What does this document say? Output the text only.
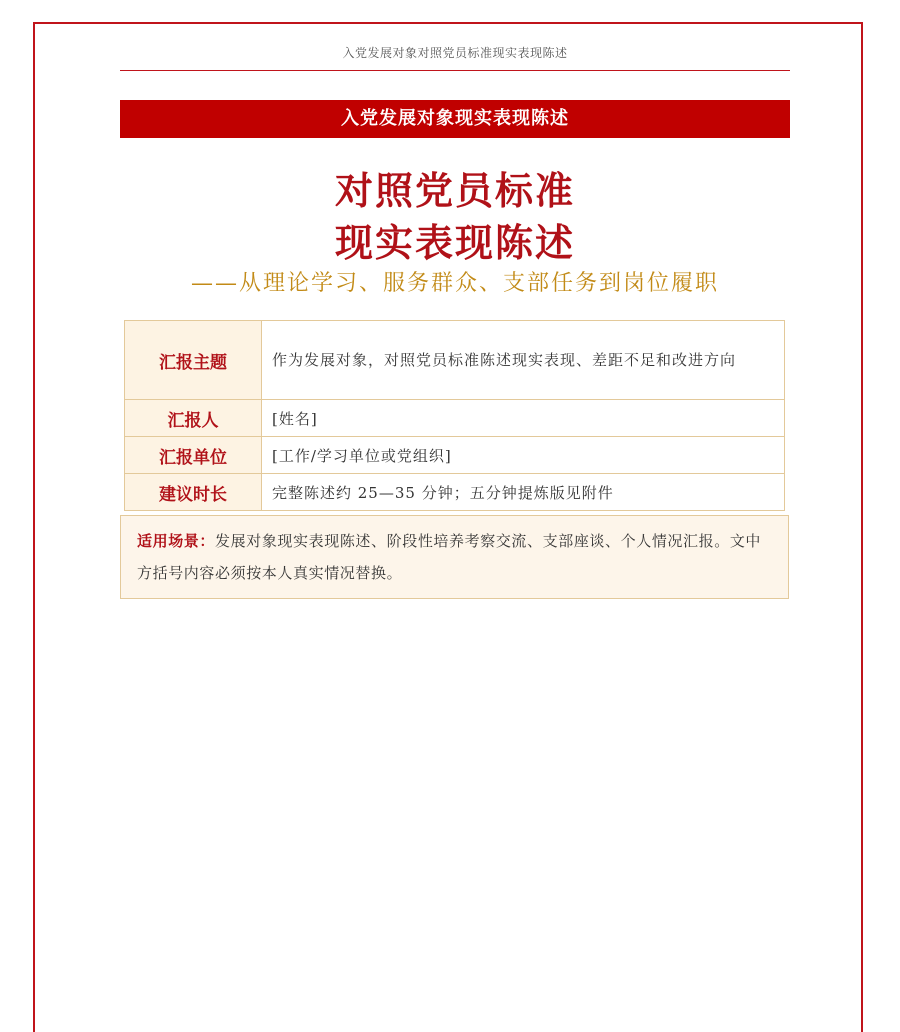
入党发展对象对照党员标准现实表现陈述
入党发展对象现实表现陈述
对照党员标准
现实表现陈述
——从理论学习、服务群众、支部任务到岗位履职
汇报主题	作为发展对象，对照党员标准陈述现实表现、差距不足和改进方向
汇报人	[姓名]
汇报单位	[工作/学习单位或党组织]
建议时长	完整陈述约 25—35 分钟；五分钟提炼版见附件
适用场景：发展对象现实表现陈述、阶段性培养考察交流、支部座谈、个人情况汇报。文中方括号内容必须按本人真实情况替换。
